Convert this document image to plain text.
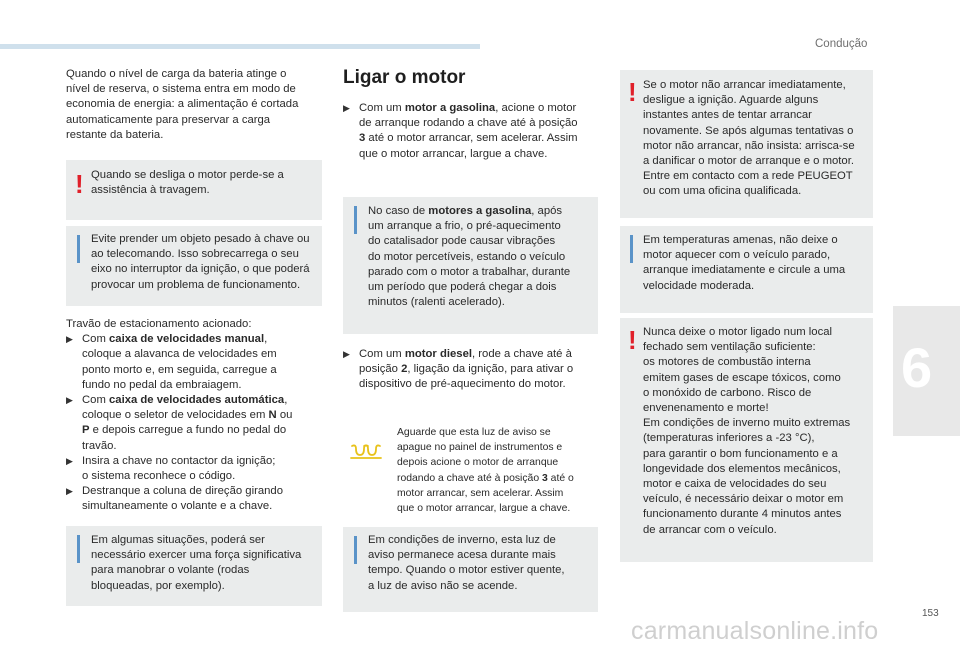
Condução
6
153
carmanualsonline.info
Quando o nível de carga da bateria atinge o
nível de reserva, o sistema entra em modo de
economia de energia: a alimentação é cortada
automaticamente para preservar a carga
restante da bateria.
! Quando se desliga o motor perde-se a
assistência à travagem.
Evite prender um objeto pesado à chave ou
ao telecomando. Isso sobrecarrega o seu
eixo no interruptor da ignição, o que poderá
provocar um problema de funcionamento.
Travão de estacionamento acionado:
▶ Com caixa de velocidades manual,
coloque a alavanca de velocidades em
ponto morto e, em seguida, carregue a
fundo no pedal da embraiagem.
▶ Com caixa de velocidades automática,
coloque o seletor de velocidades em N ou
P e depois carregue a fundo no pedal do
travão.
▶ Insira a chave no contactor da ignição;
o sistema reconhece o código.
▶ Destranque a coluna de direção girando
simultaneamente o volante e a chave.
Em algumas situações, poderá ser
necessário exercer uma força significativa
para manobrar o volante (rodas
bloqueadas, por exemplo).
Ligar o motor
▶ Com um motor a gasolina, acione o motor
de arranque rodando a chave até à posição
3 até o motor arrancar, sem acelerar. Assim
que o motor arrancar, largue a chave.
No caso de motores a gasolina, após
um arranque a frio, o pré-aquecimento
do catalisador pode causar vibrações
do motor percetíveis, estando o veículo
parado com o motor a trabalhar, durante
um período que poderá chegar a dois
minutos (ralenti acelerado).
▶ Com um motor diesel, rode a chave até à
posição 2, ligação da ignição, para ativar o
dispositivo de pré-aquecimento do motor.
Aguarde que esta luz de aviso se
apague no painel de instrumentos e
depois acione o motor de arranque
rodando a chave até à posição 3 até o
motor arrancar, sem acelerar. Assim
que o motor arrancar, largue a chave.
Em condições de inverno, esta luz de
aviso permanece acesa durante mais
tempo. Quando o motor estiver quente,
a luz de aviso não se acende.
! Se o motor não arrancar imediatamente,
desligue a ignição. Aguarde alguns
instantes antes de tentar arrancar
novamente. Se após algumas tentativas o
motor não arrancar, não insista: arrisca-se
a danificar o motor de arranque e o motor.
Entre em contacto com a rede PEUGEOT
ou com uma oficina qualificada.
Em temperaturas amenas, não deixe o
motor aquecer com o veículo parado,
arranque imediatamente e circule a uma
velocidade moderada.
! Nunca deixe o motor ligado num local
fechado sem ventilação suficiente:
os motores de combustão interna
emitem gases de escape tóxicos, como
o monóxido de carbono. Risco de
envenenamento e morte!
Em condições de inverno muito extremas
(temperaturas inferiores a -23 °C),
para garantir o bom funcionamento e a
longevidade dos elementos mecânicos,
motor e caixa de velocidades do seu
veículo, é necessário deixar o motor em
funcionamento durante 4 minutos antes
de arrancar com o veículo.
